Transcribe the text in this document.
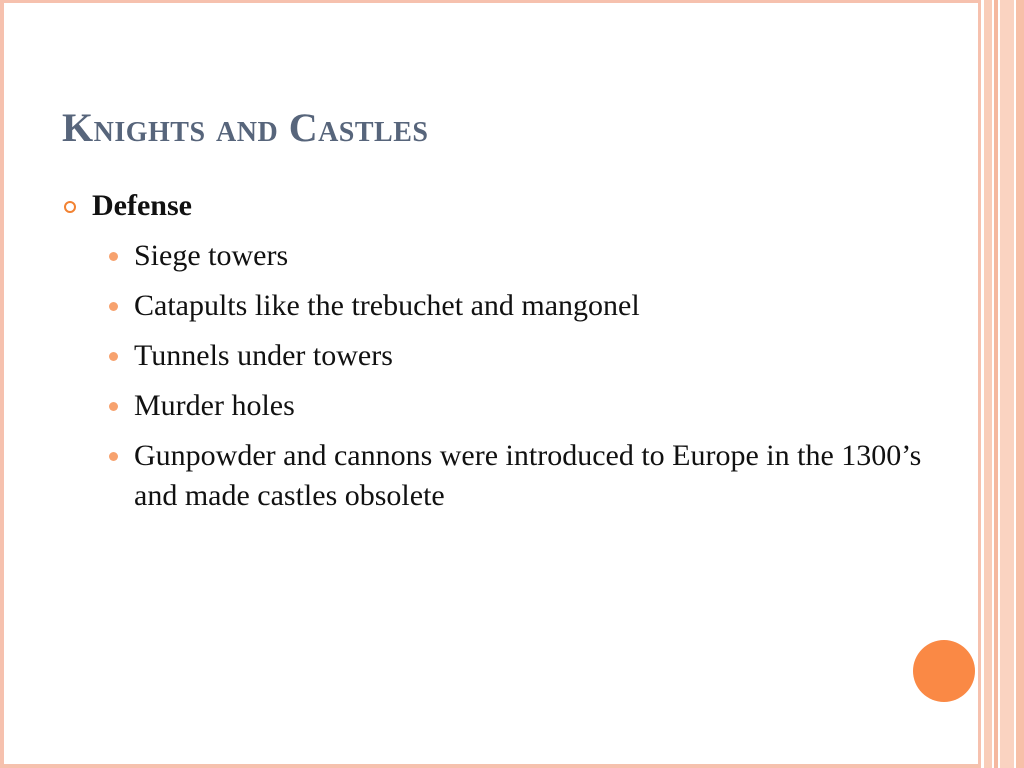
Knights and Castles
Defense
Siege towers
Catapults like the trebuchet and mangonel
Tunnels under towers
Murder holes
Gunpowder and cannons were introduced to Europe in the 1300’s and made castles obsolete
